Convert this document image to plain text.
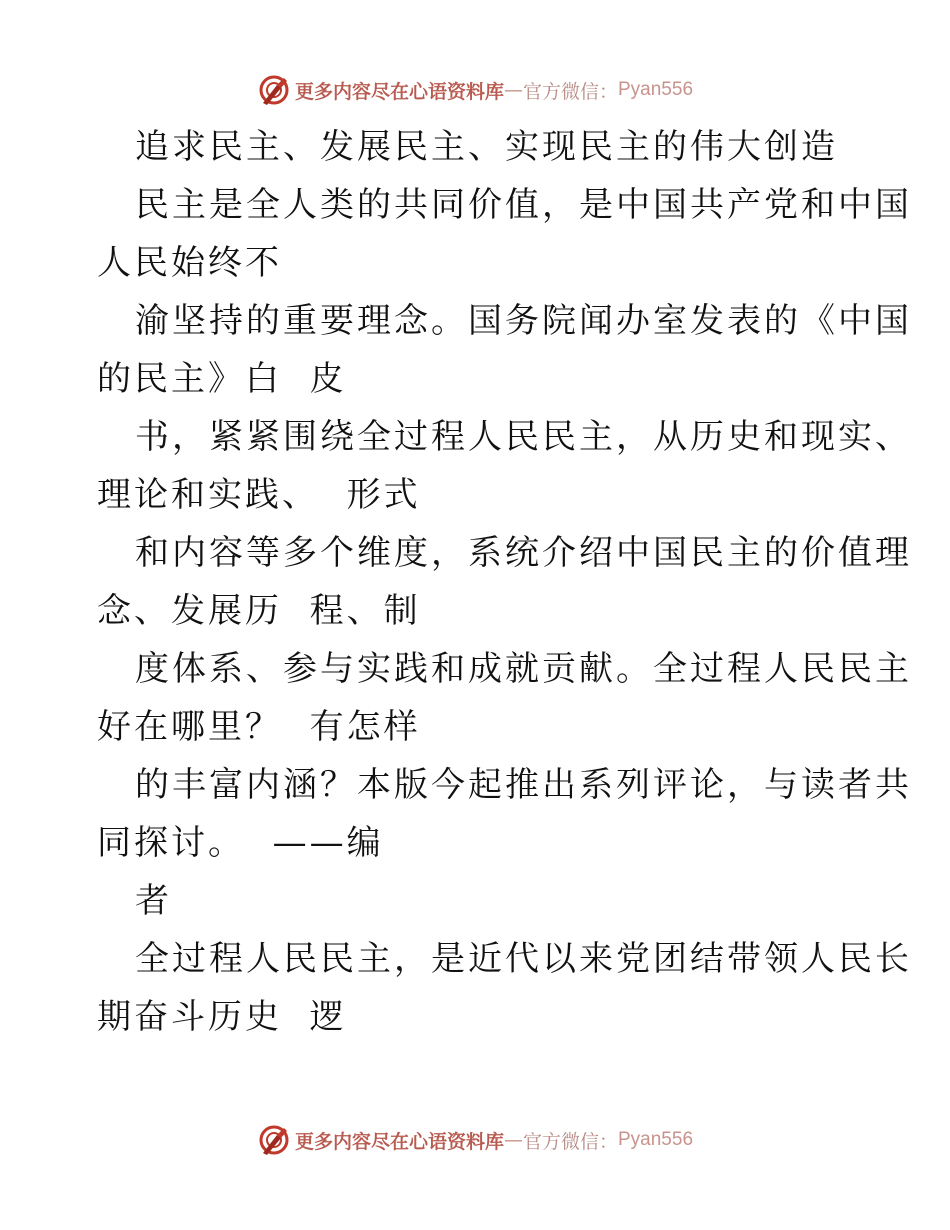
更多内容尽在心语资料库 — 官方微信： Pyan556
追求民主、发展民主、实现民主的伟大创造
民主是全人类的共同价值，是中国共产党和中国
人民始终不
渝坚持的重要理念。国务院闻办室发表的《中国
的民主》白  皮
书，紧紧围绕全过程人民民主，从历史和现实、
理论和实践、  形式
和内容等多个维度，系统介绍中国民主的价值理
念、发展历  程、制
度体系、参与实践和成就贡献。全过程人民民主
好在哪里？  有怎样
的丰富内涵？本版今起推出系列评论，与读者共
同探讨。  ——编
者
全过程人民民主，是近代以来党团结带领人民长
期奋斗历史  逻
更多内容尽在心语资料库 — 官方微信： Pyan556
